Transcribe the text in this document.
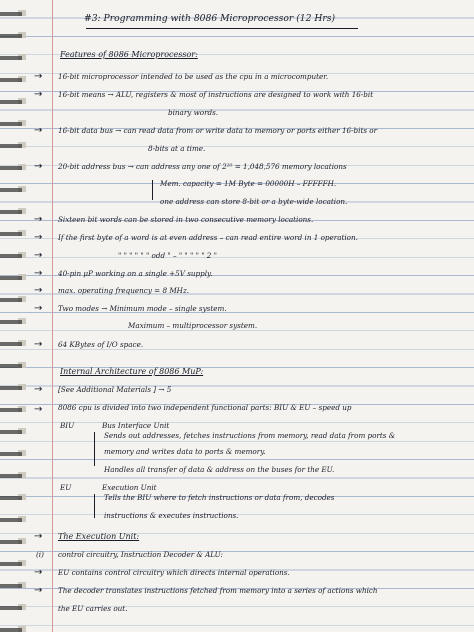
#3: Programming with 8086 Microprocessor (12 Hrs)
Features of 8086 Microprocessor:
→ 16-bit microprocessor intended to be used as the cpu in a microcomputer.
→ 16-bit means → ALU, registers & most of instructions are designed to work with 16-bit
binary words.
→ 16-bit data bus → can read data from or write data to memory or ports either 16-bits or
8-bits at a time.
→ 20-bit address bus → can address any one of 2²⁰ = 1,048,576 memory locations
Mem. capacity = 1M Byte = 00000H – FFFFFH.
one address can store 8-bit or a byte-wide location.
→ Sixteen bit words can be stored in two consecutive memory locations.
→ If the first byte of a word is at even address – can read entire word in 1 operation.
→	" " " " " " odd " – " " " " " 2 "
→ 40-pin μP working on a single +5V supply.
→ max. operating frequency = 8 MHz.
→ Two modes → Minimum mode – single system.
Maximum – multiprocessor system.
→ 64 KBytes of I/O space.
Internal Architecture of 8086 MuP:
→ [See Additional Materials ] → 5
→ 8086 cpu is divided into two independent functional parts: BIU & EU – speed up
BIU	Bus Interface Unit
Sends out addresses, fetches instructions from memory, read data from ports &
memory and writes data to ports & memory.
Handles all transfer of data & address on the buses for the EU.
EU	Execution Unit
Tells the BIU where to fetch instructions or data from, decodes
instructions & executes instructions.
→ The Execution Unit:
(i) control circuitry, Instruction Decoder & ALU:
→ EU contains control circuitry which directs internal operations.
→ The decoder translates instructions fetched from memory into a series of actions which
the EU carries out.
